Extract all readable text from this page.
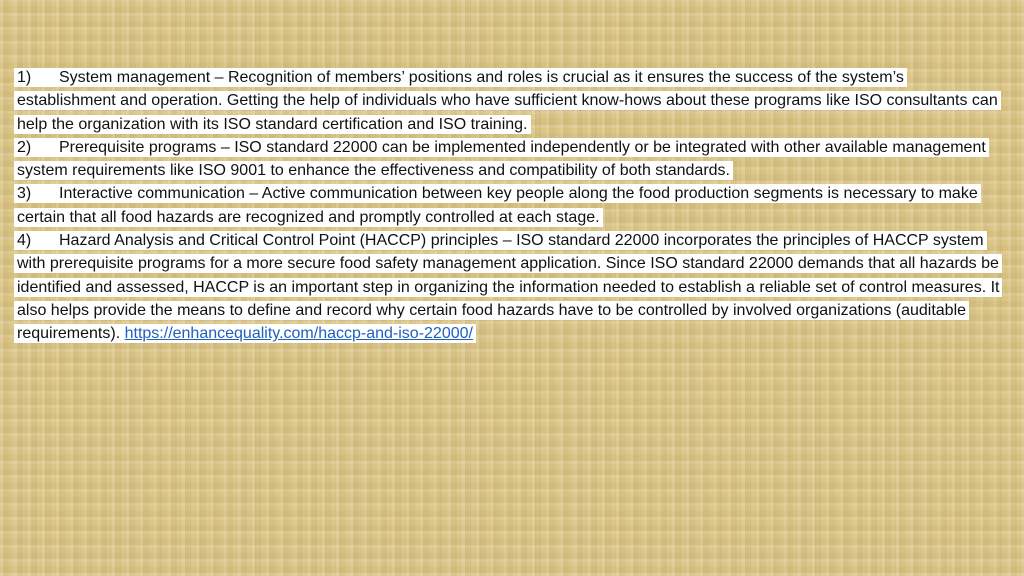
1) System management – Recognition of members’ positions and roles is crucial as it ensures the success of the system’s establishment and operation. Getting the help of individuals who have sufficient know-hows about these programs like ISO consultants can help the organization with its ISO standard certification and ISO training.

2) Prerequisite programs – ISO standard 22000 can be implemented independently or be integrated with other available management system requirements like ISO 9001 to enhance the effectiveness and compatibility of both standards.

3) Interactive communication – Active communication between key people along the food production segments is necessary to make certain that all food hazards are recognized and promptly controlled at each stage.

4) Hazard Analysis and Critical Control Point (HACCP) principles – ISO standard 22000 incorporates the principles of HACCP system with prerequisite programs for a more secure food safety management application. Since ISO standard 22000 demands that all hazards be identified and assessed, HACCP is an important step in organizing the information needed to establish a reliable set of control measures. It also helps provide the means to define and record why certain food hazards have to be controlled by involved organizations (auditable requirements). https://enhancequality.com/haccp-and-iso-22000/
